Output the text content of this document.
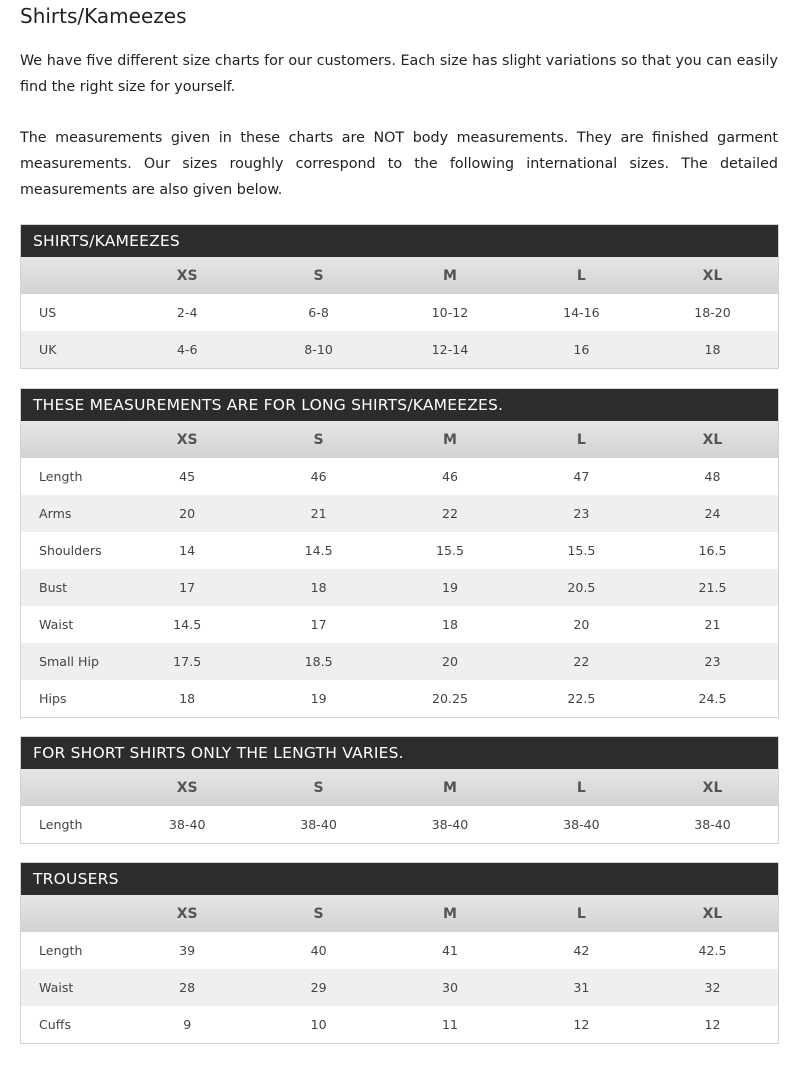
Shirts/Kameezes

We have five different size charts for our customers. Each size has slight variations so that you can easily find the right size for yourself.

The measurements given in these charts are NOT body measurements. They are finished garment measurements. Our sizes roughly correspond to the following international sizes. The detailed measurements are also given below.

SHIRTS/KAMEEZES					
	XS	S	M	L	XL
US	2-4	6-8	10-12	14-16	18-20
UK	4-6	8-10	12-14	16	18
THESE MEASUREMENTS ARE FOR LONG SHIRTS/KAMEEZES.					
	XS	S	M	L	XL
Length	45	46	46	47	48
Arms	20	21	22	23	24
Shoulders	14	14.5	15.5	15.5	16.5
Bust	17	18	19	20.5	21.5
Waist	14.5	17	18	20	21
Small Hip	17.5	18.5	20	22	23
Hips	18	19	20.25	22.5	24.5
FOR SHORT SHIRTS ONLY THE LENGTH VARIES.					
	XS	S	M	L	XL
Length	38-40	38-40	38-40	38-40	38-40
TROUSERS					
	XS	S	M	L	XL
Length	39	40	41	42	42.5
Waist	28	29	30	31	32
Cuffs	9	10	11	12	12
